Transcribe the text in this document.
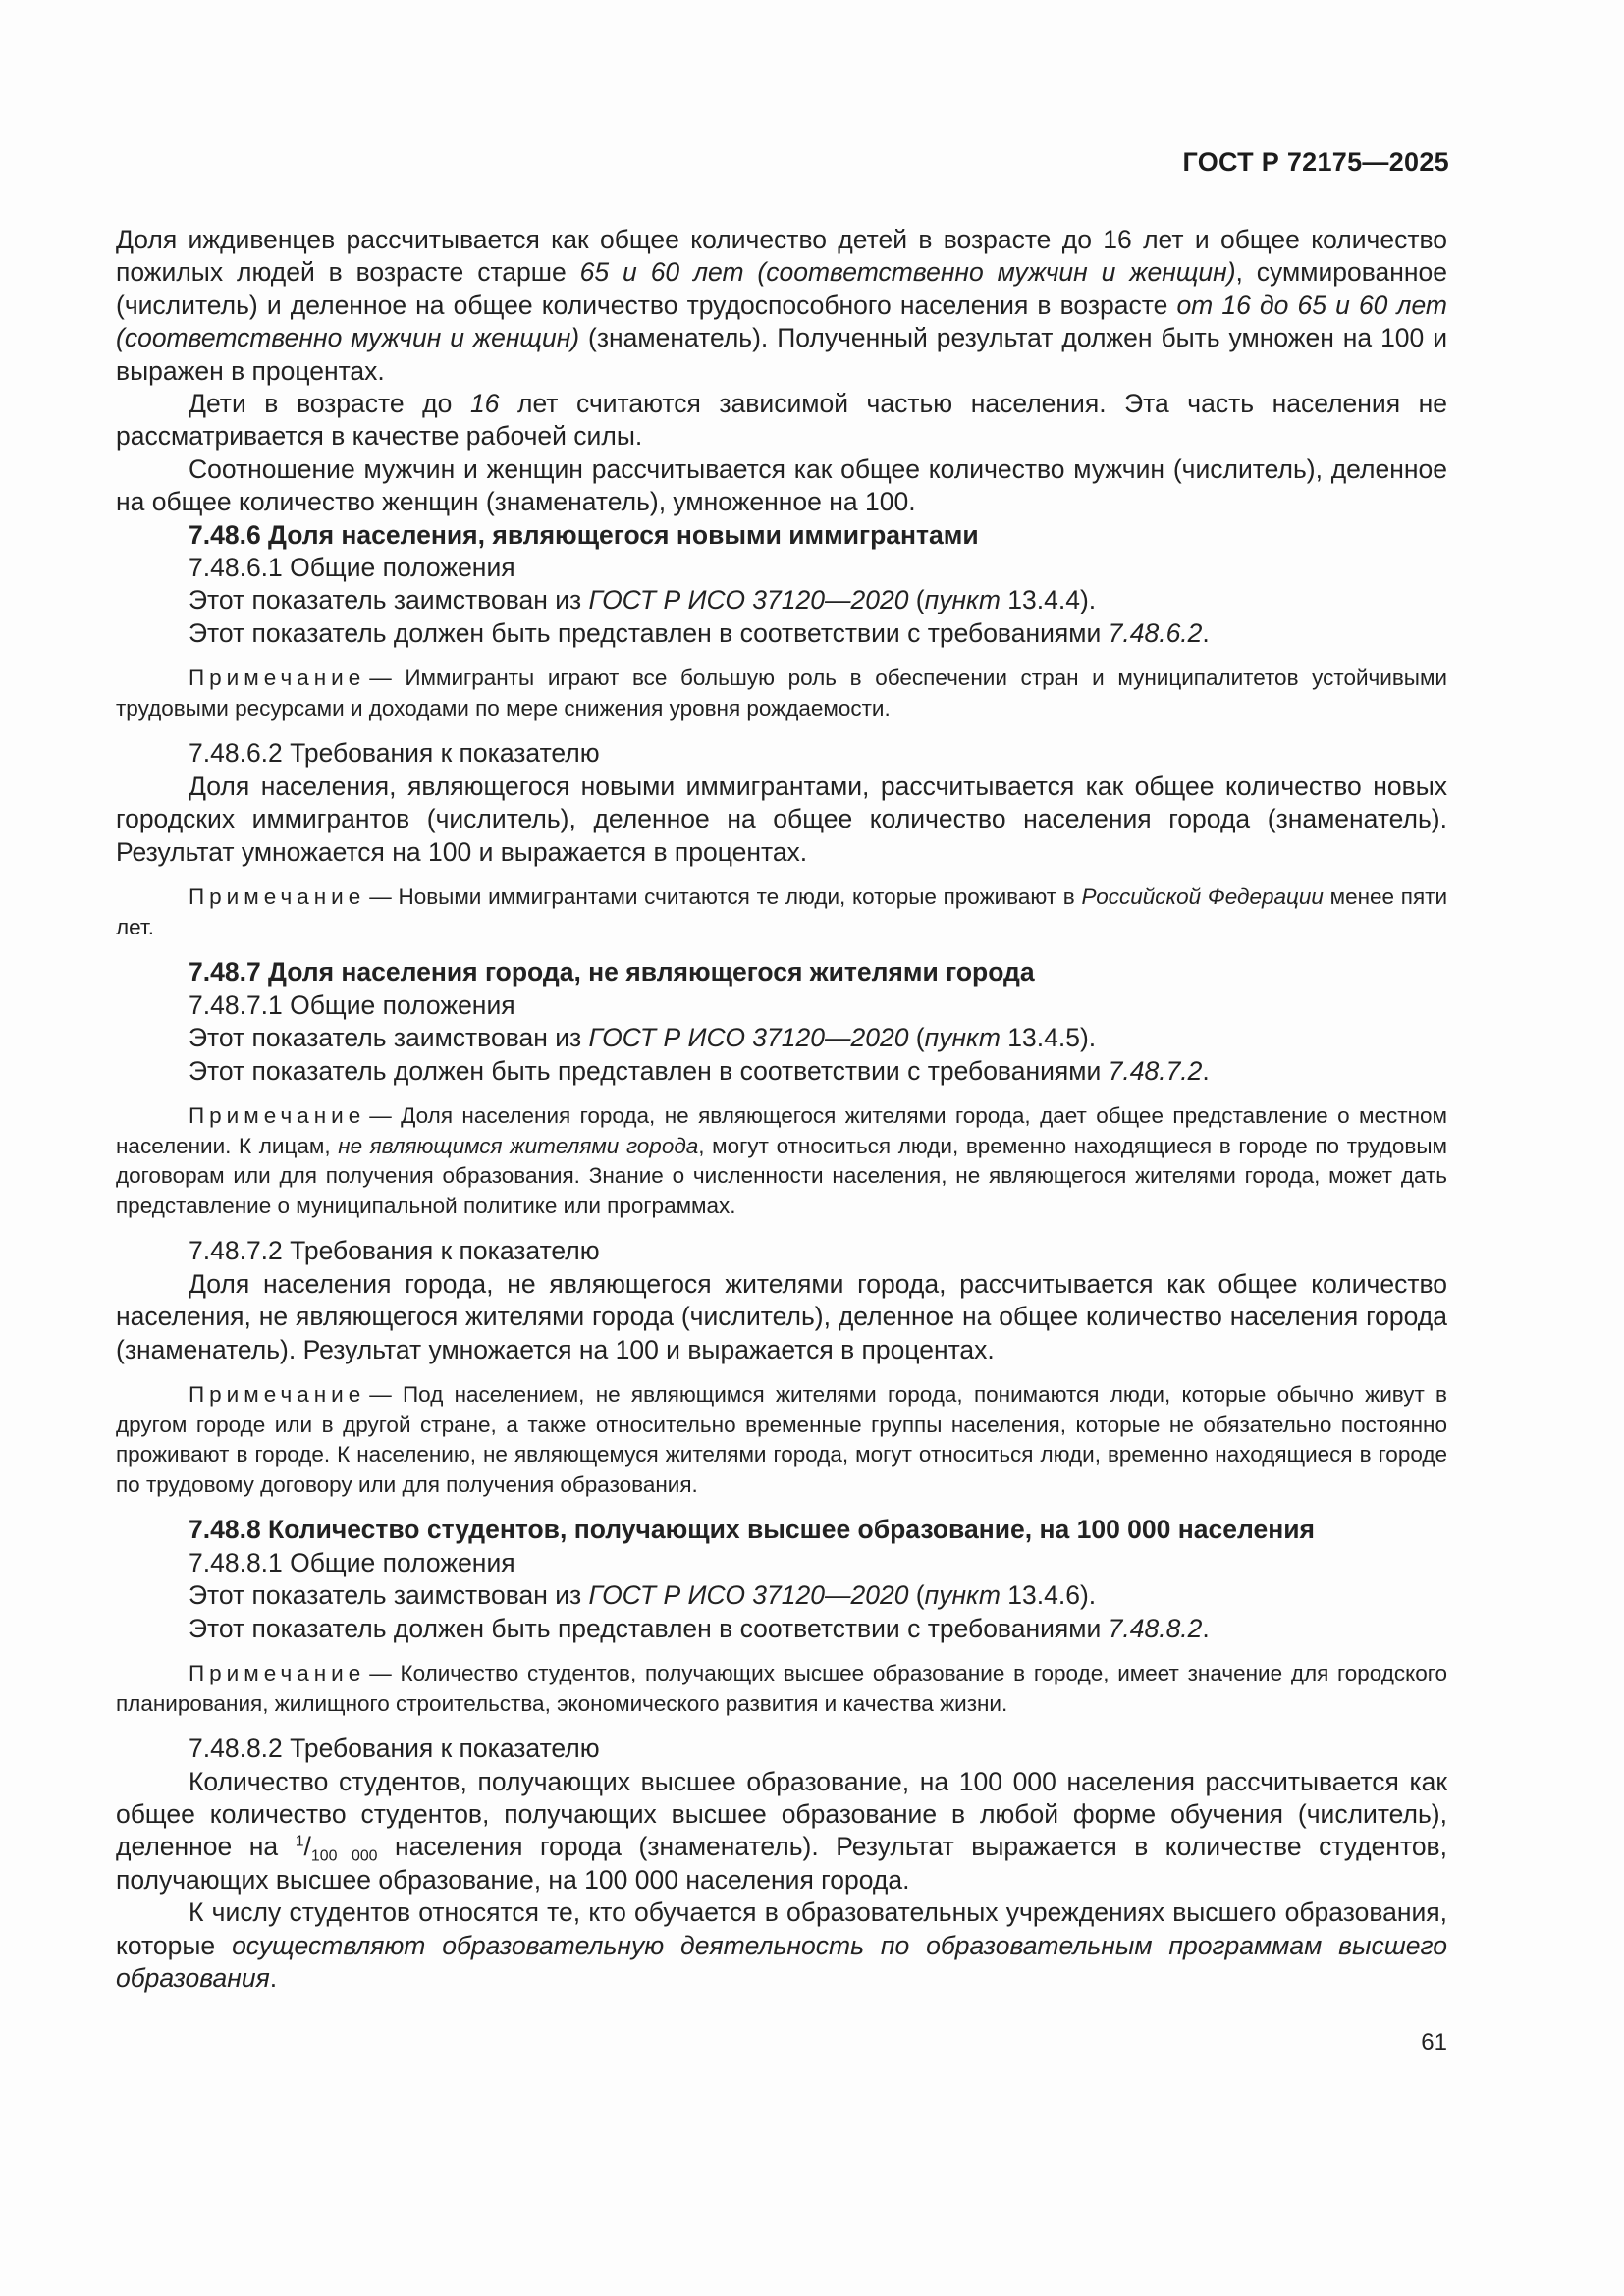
ГОСТ Р 72175—2025

Доля иждивенцев рассчитывается как общее количество детей в возрасте до 16 лет и общее количество пожилых людей в возрасте старше 65 и 60 лет (соответственно мужчин и женщин), суммированное (числитель) и деленное на общее количество трудоспособного населения в возрасте от 16 до 65 и 60 лет (соответственно мужчин и женщин) (знаменатель). Полученный результат должен быть умножен на 100 и выражен в процентах.

Дети в возрасте до 16 лет считаются зависимой частью населения. Эта часть населения не рассматривается в качестве рабочей силы.

Соотношение мужчин и женщин рассчитывается как общее количество мужчин (числитель), деленное на общее количество женщин (знаменатель), умноженное на 100.

7.48.6 Доля населения, являющегося новыми иммигрантами

7.48.6.1 Общие положения

Этот показатель заимствован из ГОСТ Р ИСО 37120—2020 (пункт 13.4.4).

Этот показатель должен быть представлен в соответствии с требованиями 7.48.6.2.

Примечание — Иммигранты играют все большую роль в обеспечении стран и муниципалитетов устойчивыми трудовыми ресурсами и доходами по мере снижения уровня рождаемости.

7.48.6.2 Требования к показателю

Доля населения, являющегося новыми иммигрантами, рассчитывается как общее количество новых городских иммигрантов (числитель), деленное на общее количество населения города (знаменатель). Результат умножается на 100 и выражается в процентах.

Примечание — Новыми иммигрантами считаются те люди, которые проживают в Российской Федерации менее пяти лет.

7.48.7 Доля населения города, не являющегося жителями города

7.48.7.1 Общие положения

Этот показатель заимствован из ГОСТ Р ИСО 37120—2020 (пункт 13.4.5).

Этот показатель должен быть представлен в соответствии с требованиями 7.48.7.2.

Примечание — Доля населения города, не являющегося жителями города, дает общее представление о местном населении. К лицам, не являющимся жителями города, могут относиться люди, временно находящиеся в городе по трудовым договорам или для получения образования. Знание о численности населения, не являющегося жителями города, может дать представление о муниципальной политике или программах.

7.48.7.2 Требования к показателю

Доля населения города, не являющегося жителями города, рассчитывается как общее количество населения, не являющегося жителями города (числитель), деленное на общее количество населения города (знаменатель). Результат умножается на 100 и выражается в процентах.

Примечание — Под населением, не являющимся жителями города, понимаются люди, которые обычно живут в другом городе или в другой стране, а также относительно временные группы населения, которые не обязательно постоянно проживают в городе. К населению, не являющемуся жителями города, могут относиться люди, временно находящиеся в городе по трудовому договору или для получения образования.

7.48.8 Количество студентов, получающих высшее образование, на 100 000 населения

7.48.8.1 Общие положения

Этот показатель заимствован из ГОСТ Р ИСО 37120—2020 (пункт 13.4.6).

Этот показатель должен быть представлен в соответствии с требованиями 7.48.8.2.

Примечание — Количество студентов, получающих высшее образование в городе, имеет значение для городского планирования, жилищного строительства, экономического развития и качества жизни.

7.48.8.2 Требования к показателю

Количество студентов, получающих высшее образование, на 100 000 населения рассчитывается как общее количество студентов, получающих высшее образование в любой форме обучения (числитель), деленное на $^1/_{100 000}$ населения города (знаменатель). Результат выражается в количестве студентов, получающих высшее образование, на 100 000 населения города.

К числу студентов относятся те, кто обучается в образовательных учреждениях высшего образования, которые осуществляют образовательную деятельность по образовательным программам высшего образования.

61
